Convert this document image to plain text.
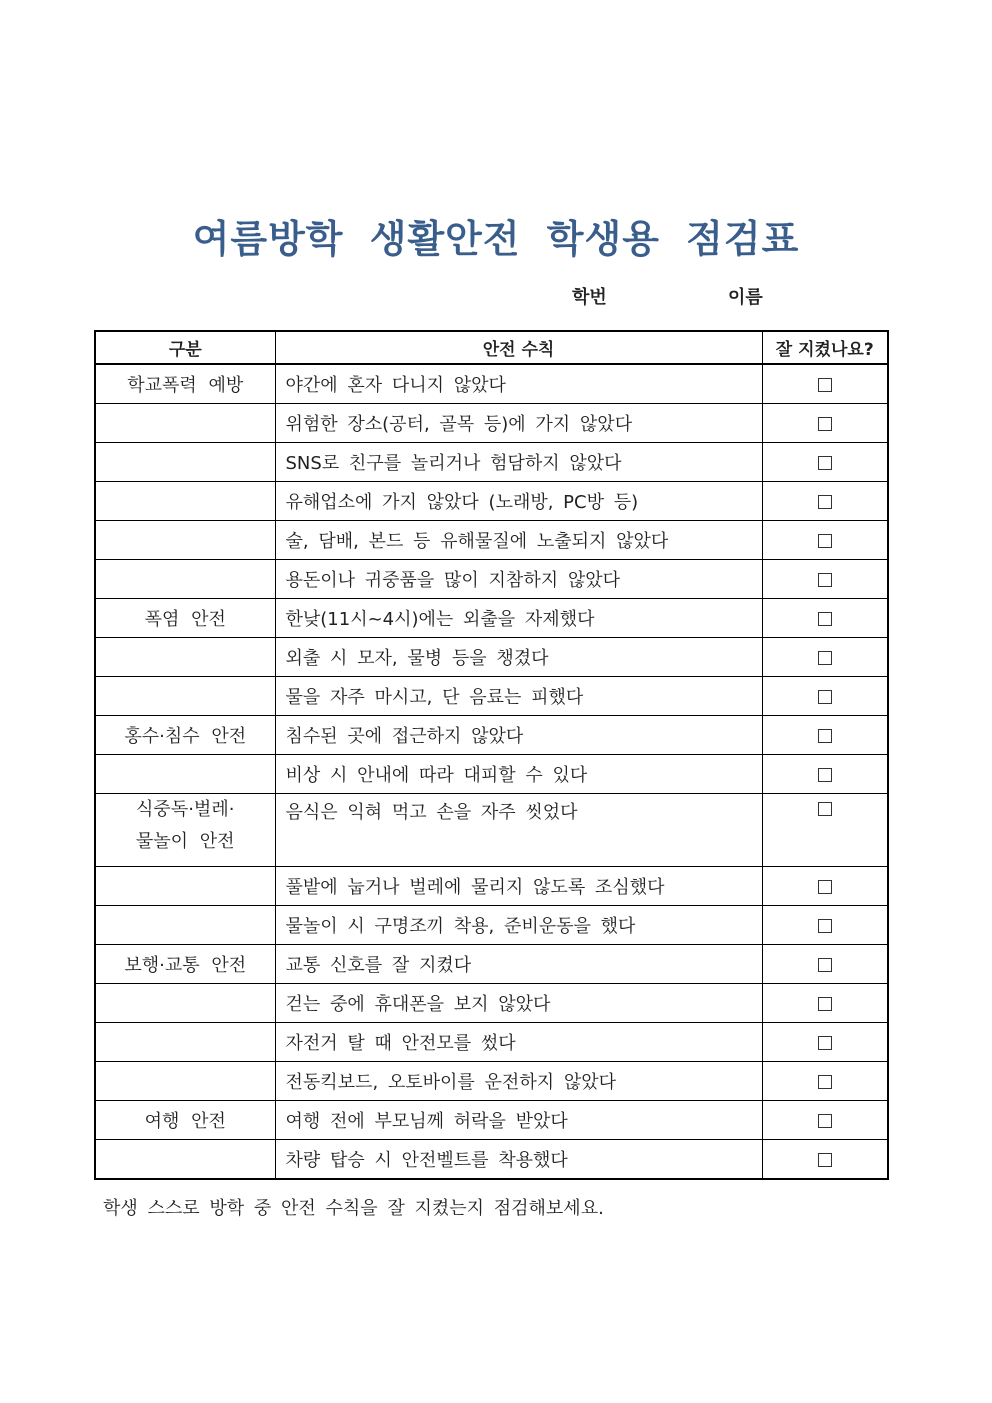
여름방학 생활안전 학생용 점검표
학번	이름
구분	안전 수칙	잘 지켰나요?
학교폭력 예방	야간에 혼자 다니지 않았다	
	위험한 장소(공터, 골목 등)에 가지 않았다	
	SNS로 친구를 놀리거나 험담하지 않았다	
	유해업소에 가지 않았다 (노래방, PC방 등)	
	술, 담배, 본드 등 유해물질에 노출되지 않았다	
	용돈이나 귀중품을 많이 지참하지 않았다	
폭염 안전	한낮(11시~4시)에는 외출을 자제했다	
	외출 시 모자, 물병 등을 챙겼다	
	물을 자주 마시고, 단 음료는 피했다	
홍수·침수 안전	침수된 곳에 접근하지 않았다	
	비상 시 안내에 따라 대피할 수 있다	
식중독·벌레·
물놀이 안전	음식은 익혀 먹고 손을 자주 씻었다	
	풀밭에 눕거나 벌레에 물리지 않도록 조심했다	
	물놀이 시 구명조끼 착용, 준비운동을 했다	
보행·교통 안전	교통 신호를 잘 지켰다	
	걷는 중에 휴대폰을 보지 않았다	
	자전거 탈 때 안전모를 썼다	
	전동킥보드, 오토바이를 운전하지 않았다	
여행 안전	여행 전에 부모님께 허락을 받았다	
	차량 탑승 시 안전벨트를 착용했다	
학생 스스로 방학 중 안전 수칙을 잘 지켰는지 점검해보세요.
